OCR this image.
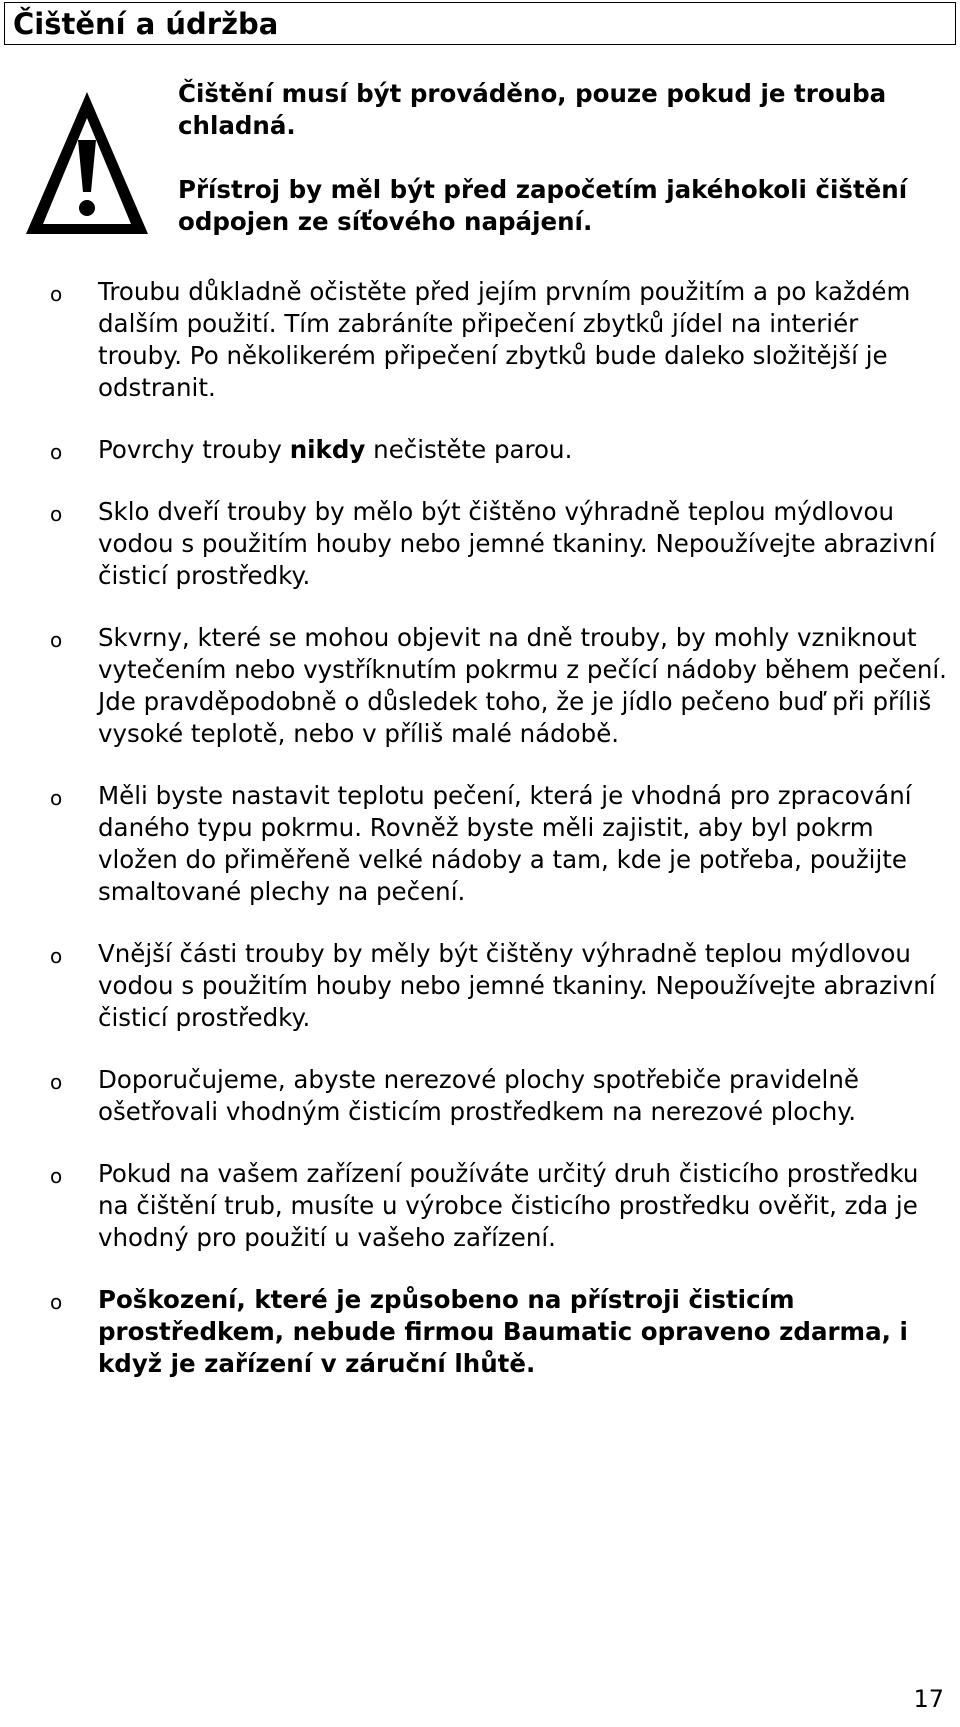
Čištění a údržba

Čištění musí být prováděno, pouze pokud je trouba chladná.

Přístroj by měl být před započetím jakéhokoli čištění odpojen ze síťového napájení.

o Troubu důkladně očistěte před jejím prvním použitím a po každém dalším použití. Tím zabráníte připečení zbytků jídel na interiér trouby. Po několikerém připečení zbytků bude daleko složitější je odstranit.
o Povrchy trouby nikdy nečistěte parou.
o Sklo dveří trouby by mělo být čištěno výhradně teplou mýdlovou vodou s použitím houby nebo jemné tkaniny. Nepoužívejte abrazivní čisticí prostředky.
o Skvrny, které se mohou objevit na dně trouby, by mohly vzniknout vytečením nebo vystříknutím pokrmu z pečící nádoby během pečení. Jde pravděpodobně o důsledek toho, že je jídlo pečeno buď při příliš vysoké teplotě, nebo v příliš malé nádobě.
o Měli byste nastavit teplotu pečení, která je vhodná pro zpracování daného typu pokrmu. Rovněž byste měli zajistit, aby byl pokrm vložen do přiměřeně velké nádoby a tam, kde je potřeba, použijte smaltované plechy na pečení.
o Vnější části trouby by měly být čištěny výhradně teplou mýdlovou vodou s použitím houby nebo jemné tkaniny. Nepoužívejte abrazivní čisticí prostředky.
o Doporučujeme, abyste nerezové plochy spotřebiče pravidelně ošetřovali vhodným čisticím prostředkem na nerezové plochy.
o Pokud na vašem zařízení používáte určitý druh čisticího prostředku na čištění trub, musíte u výrobce čisticího prostředku ověřit, zda je vhodný pro použití u vašeho zařízení.
o Poškození, které je způsobeno na přístroji čisticím prostředkem, nebude firmou Baumatic opraveno zdarma, i když je zařízení v záruční lhůtě.
17
